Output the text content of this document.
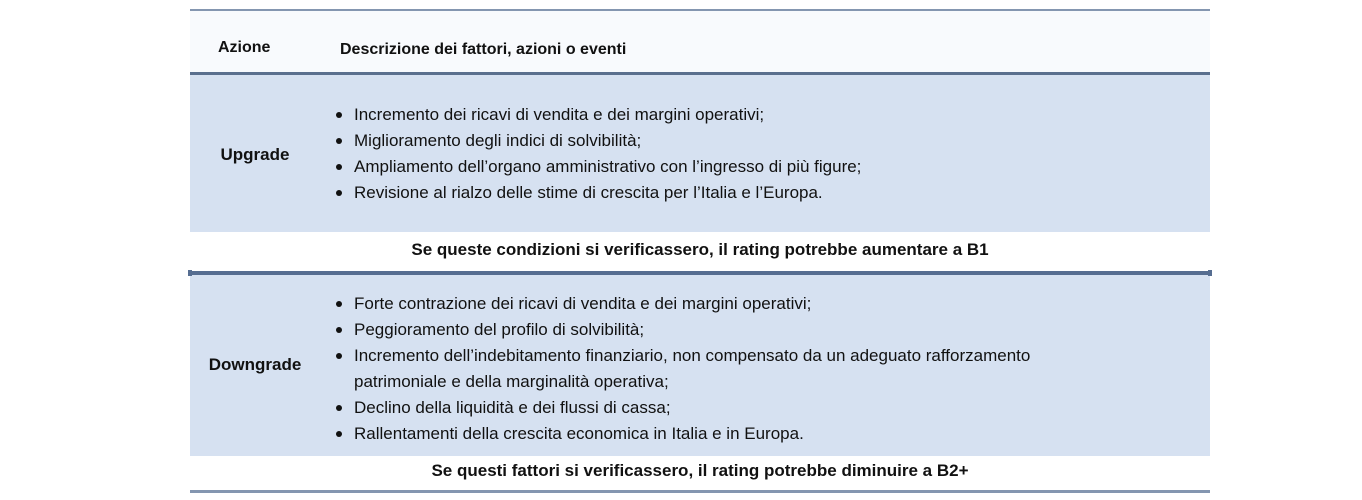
Azione	Descrizione dei fattori, azioni o eventi
Upgrade
Incremento dei ricavi di vendita e dei margini operativi;
Miglioramento degli indici di solvibilità;
Ampliamento dell’organo amministrativo con l’ingresso di più figure;
Revisione al rialzo delle stime di crescita per l’Italia e l’Europa.
Se queste condizioni si verificassero, il rating potrebbe aumentare a B1
Downgrade
Forte contrazione dei ricavi di vendita e dei margini operativi;
Peggioramento del profilo di solvibilità;
Incremento dell’indebitamento finanziario, non compensato da un adeguato rafforzamento
patrimoniale e della marginalità operativa;
Declino della liquidità e dei flussi di cassa;
Rallentamenti della crescita economica in Italia e in Europa.
Se questi fattori si verificassero, il rating potrebbe diminuire a B2+
